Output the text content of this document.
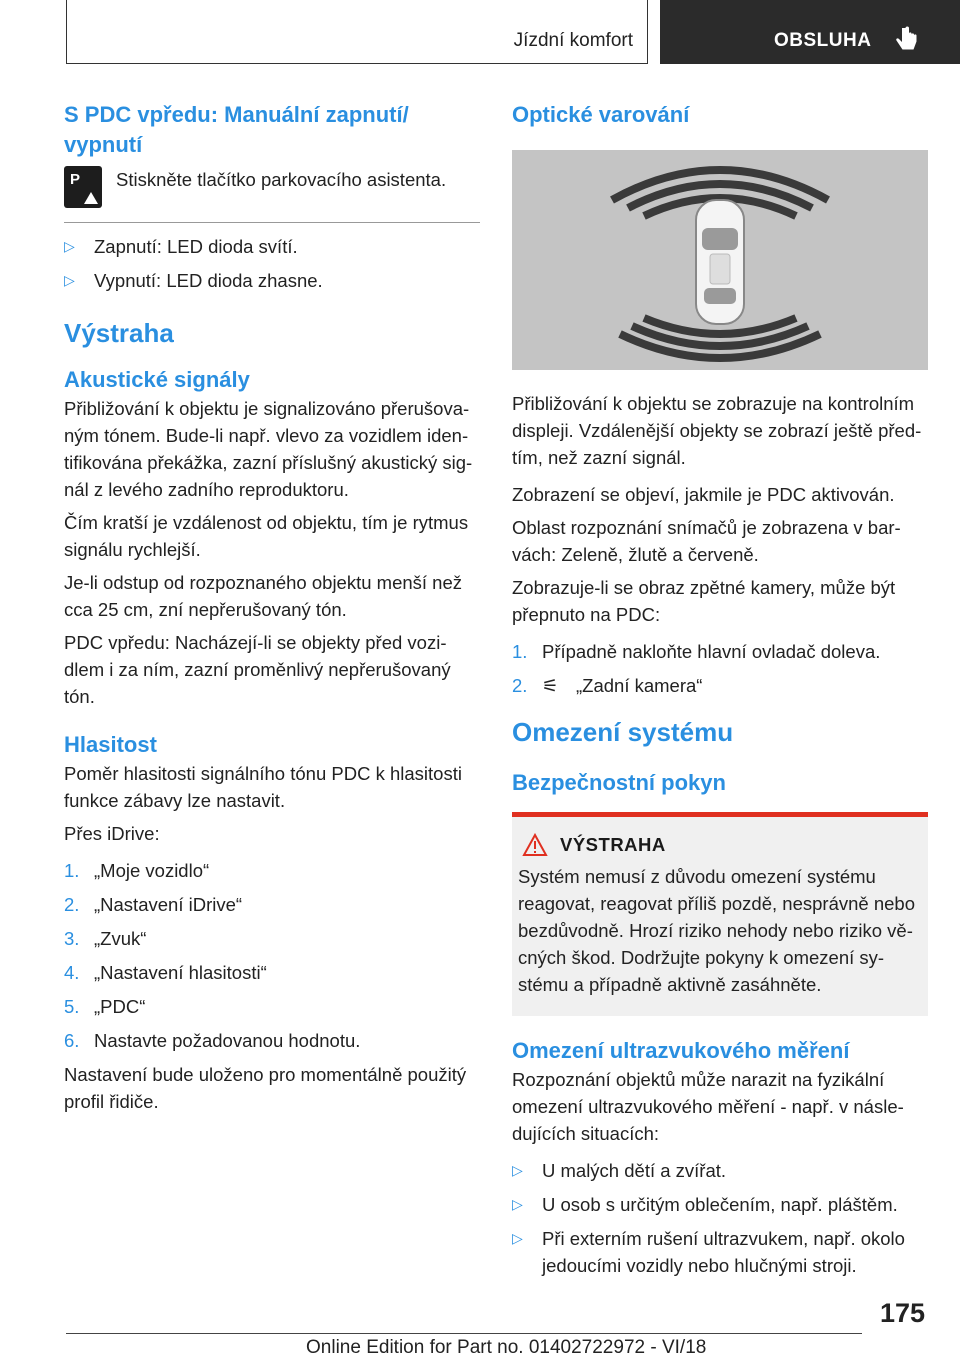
Jízdní komfort	OBSLUHA
S PDC vpředu: Manuální zapnutí/ vypnutí
P Stiskněte tlačítko parkovacího asistenta.

▷ Zapnutí: LED dioda svítí.
▷ Vypnutí: LED dioda zhasne.
Výstraha
Akustické signály

Přibližování k objektu je signalizováno přerušova- ným tónem. Bude-li např. vlevo za vozidlem iden- tifikována překážka, zazní příslušný akustický sig- nál z levého zadního reproduktoru.

Čím kratší je vzdálenost od objektu, tím je rytmus signálu rychlejší.

Je-li odstup od rozpoznaného objektu menší než cca 25 cm, zní nepřerušovaný tón.

PDC vpředu: Nacházejí-li se objekty před vozi- dlem i za ním, zazní proměnlivý nepřerušovaný tón.

Hlasitost

Poměr hlasitosti signálního tónu PDC k hlasitosti funkce zábavy lze nastavit.

Přes iDrive:

1. „Moje vozidlo“
2. „Nastavení iDrive“
3. „Zvuk“
4. „Nastavení hlasitosti“
5. „PDC“
6. Nastavte požadovanou hodnotu.

Nastavení bude uloženo pro momentálně použitý profil řidiče.

Optické varování

Přibližování k objektu se zobrazuje na kontrolním displeji. Vzdálenější objekty se zobrazí ještě před- tím, než zazní signál.

Zobrazení se objeví, jakmile je PDC aktivován.

Oblast rozpoznání snímačů je zobrazena v bar- vách: Zeleně, žlutě a červeně.

Zobrazuje-li se obraz zpětné kamery, může být přepnuto na PDC:

1. Případně nakloňte hlavní ovladač doleva.
2. ⚟ „Zadní kamera“
Omezení systému
Bezpečnostní pokyn
VÝSTRAHA

Systém nemusí z důvodu omezení systému reagovat, reagovat příliš pozdě, nesprávně nebo bezdůvodně. Hrozí riziko nehody nebo riziko vě- cných škod. Dodržujte pokyny k omezení sy- stému a případně aktivně zasáhněte.

Omezení ultrazvukového měření

Rozpoznání objektů může narazit na fyzikální omezení ultrazvukového měření - např. v násle- dujících situacích:

▷ U malých dětí a zvířat.
▷ U osob s určitým oblečením, např. pláštěm.
▷ Při externím rušení ultrazvukem, např. okolo jedoucími vozidly nebo hlučnými stroji.
175
Online Edition for Part no. 01402722972 - VI/18
